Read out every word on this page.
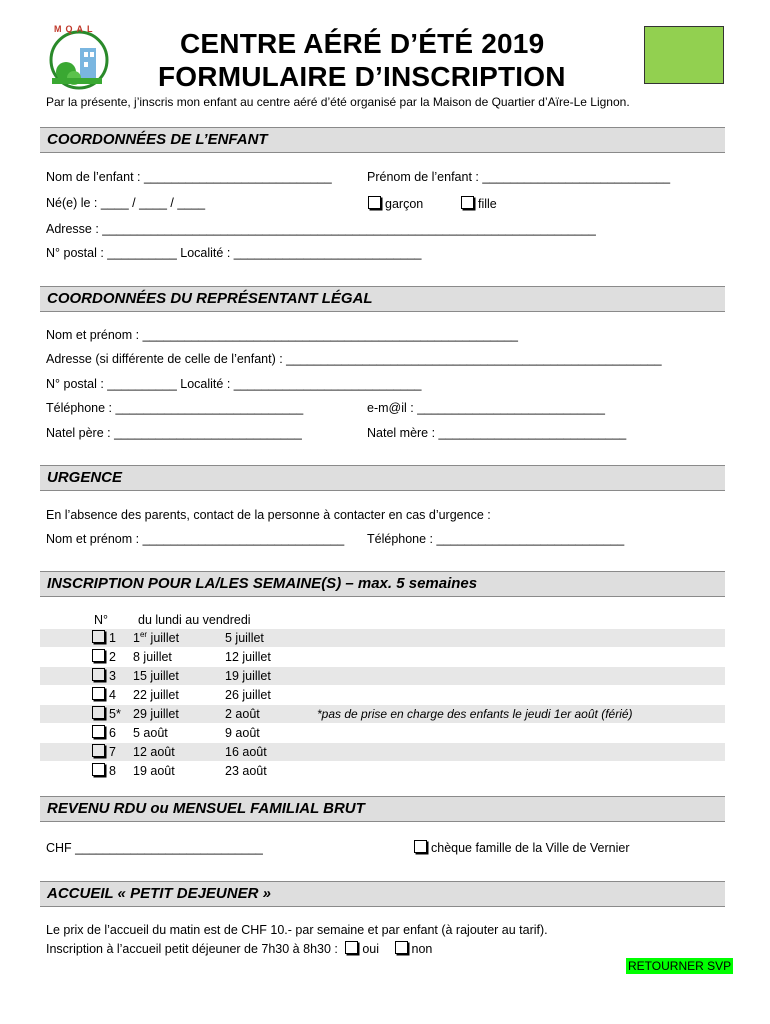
MQAL	CENTRE AÉRÉ D’ÉTÉ 2019
FORMULAIRE D’INSCRIPTION
Par la présente, j’inscris mon enfant au centre aéré d’été organisé par la Maison de Quartier d’Aïre-Le Lignon.
COORDONNÉES DE L’ENFANT
Nom de l’enfant : ___________________________	Prénom de l’enfant : ___________________________
Né(e) le : ____ / ____ / ____	garçon	fille
Adresse : _______________________________________________________________________
N° postal : __________ Localité : ___________________________
COORDONNÉES DU REPRÉSENTANT LÉGAL
Nom et prénom : ______________________________________________________
Adresse (si différente de celle de l’enfant) : ______________________________________________________
N° postal : __________ Localité : ___________________________
Téléphone : ___________________________	e-m@il : ___________________________
Natel père : ___________________________	Natel mère : ___________________________
URGENCE
En l’absence des parents, contact de la personne à contacter en cas d’urgence :
Nom et prénom : _____________________________ Téléphone : ___________________________
INSCRIPTION POUR LA/LES SEMAINE(S) – max. 5 semaines
N° du lundi au vendredi
1 1er juillet	5 juillet
2 8 juillet	12 juillet
3 15 juillet	19 juillet
4 22 juillet	26 juillet
5* 29 juillet	2 août	*pas de prise en charge des enfants le jeudi 1er août (férié)
6 5 août	9 août
7 12 août	16 août
8 19 août	23 août
REVENU RDU ou MENSUEL FAMILIAL BRUT
CHF ___________________________	chèque famille de la Ville de Vernier
ACCUEIL « PETIT DEJEUNER »
Le prix de l’accueil du matin est de CHF 10.- par semaine et par enfant (à rajouter au tarif).
Inscription à l’accueil petit déjeuner de 7h30 à 8h30 : oui	non
RETOURNER SVP
